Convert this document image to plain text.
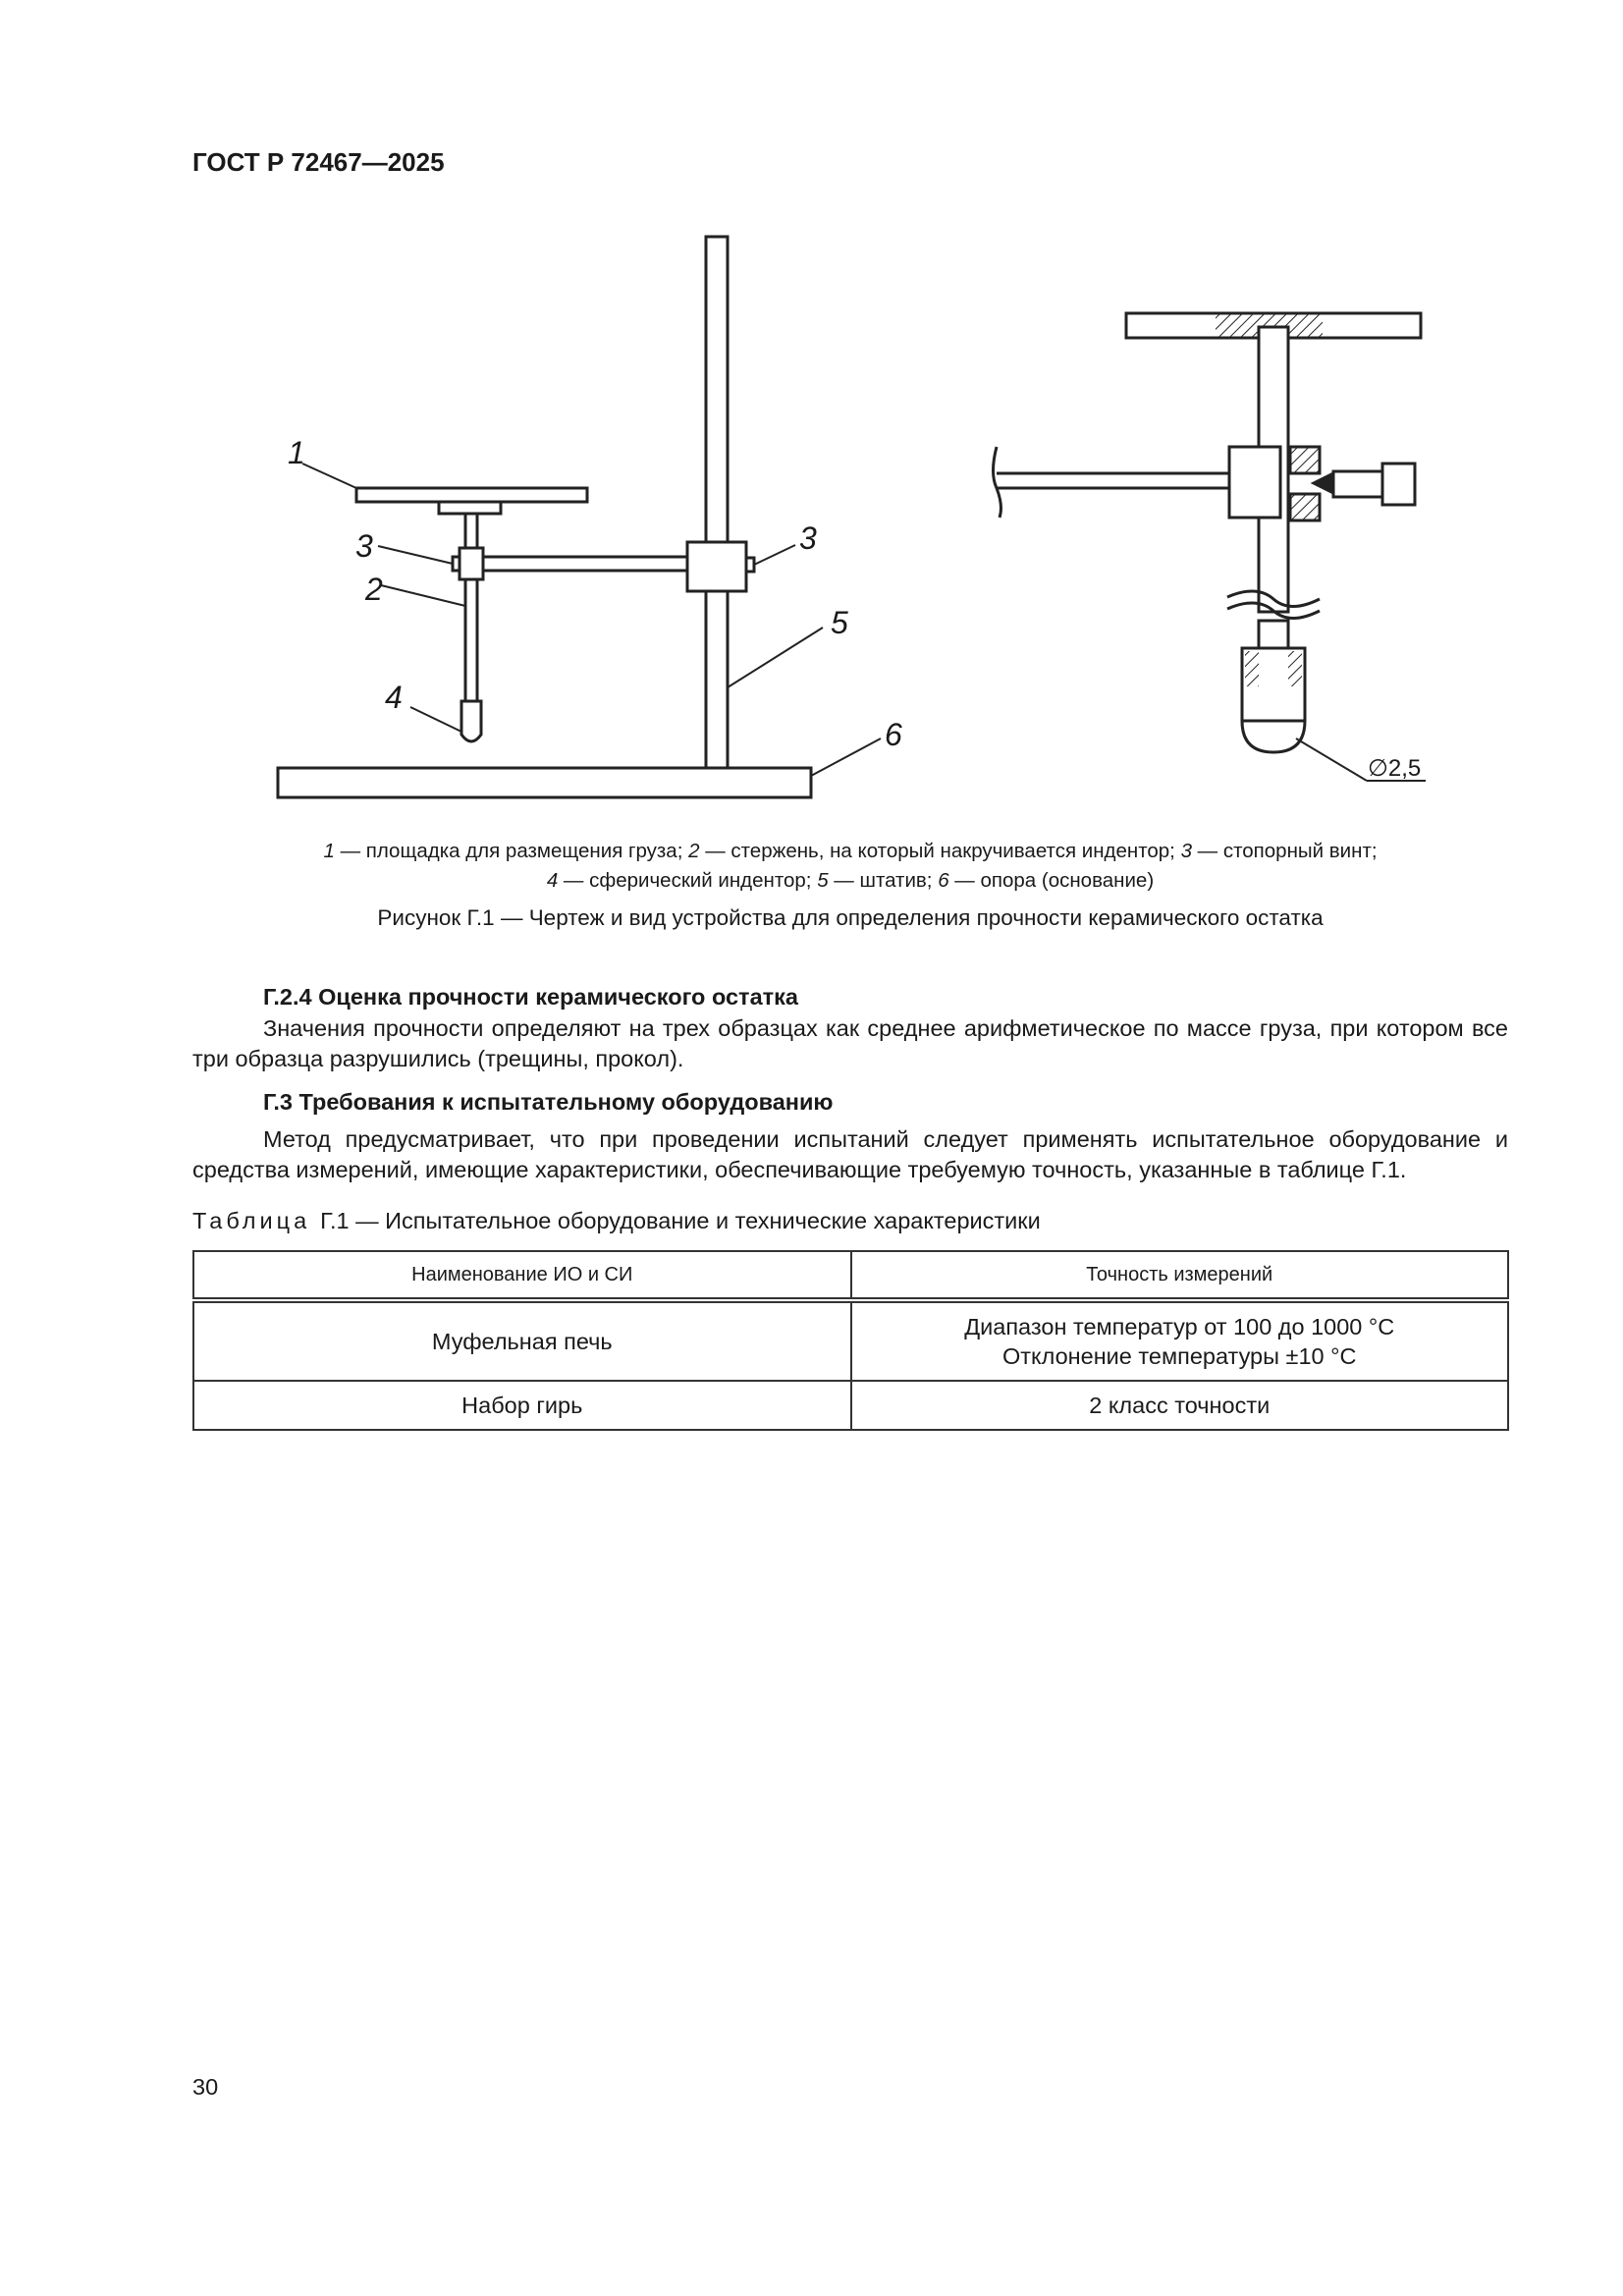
ГОСТ Р 72467—2025
1
3
2
4
3
5
6
∅2,5
1 — площадка для размещения груза; 2 — стержень, на который накручивается индентор; 3 — стопорный винт;
4 — сферический индентор; 5 — штатив; 6 — опора (основание)
Рисунок Г.1 — Чертеж и вид устройства для определения прочности керамического остатка
Г.2.4 Оценка прочности керамического остатка
Значения прочности определяют на трех образцах как среднее арифметическое по массе груза, при котором все три образца разрушились (трещины, прокол).
Г.3 Требования к испытательному оборудованию
Метод предусматривает, что при проведении испытаний следует применять испытательное оборудование и средства измерений, имеющие характеристики, обеспечивающие требуемую точность, указанные в таблице Г.1.
Таблица Г.1 — Испытательное оборудование и технические характеристики
Наименование ИО и СИ	Точность измерений
Муфельная печь	Диапазон температур от 100 до 1000 °С
Отклонение температуры ±10 °С
Набор гирь	2 класс точности
30
